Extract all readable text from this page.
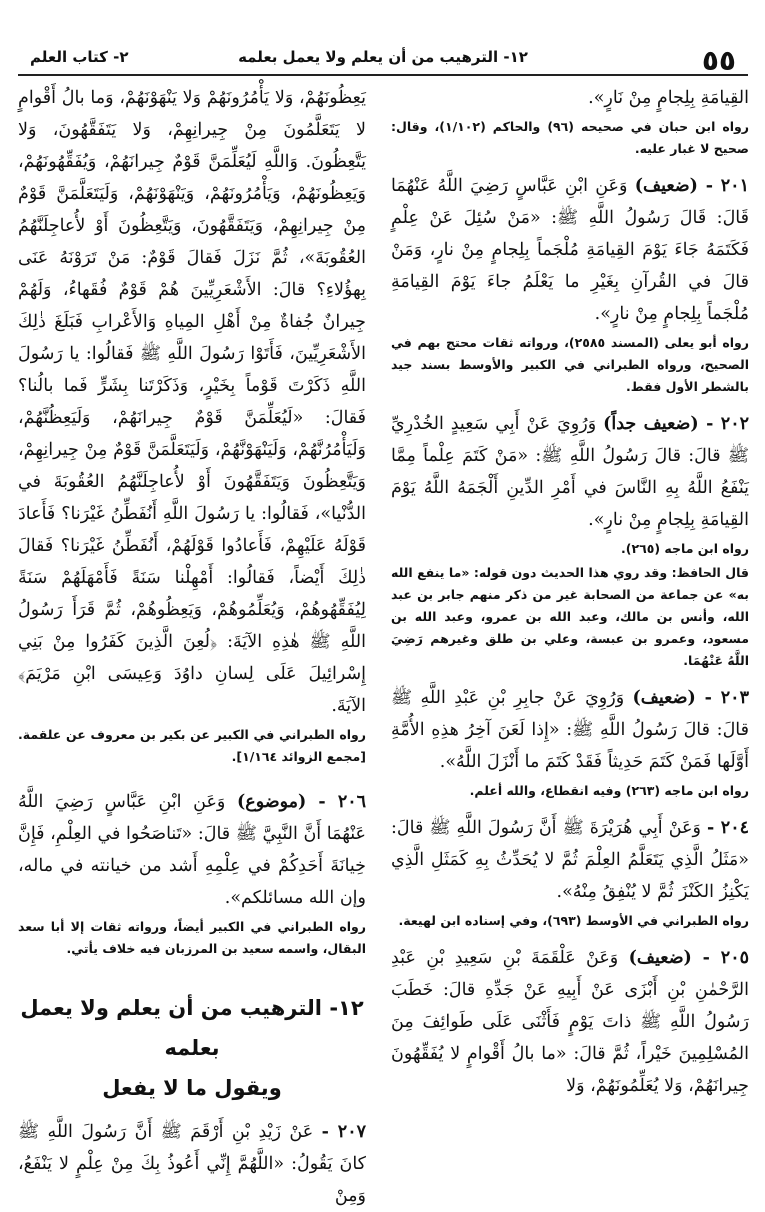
٥٥
١٢- الترهيب من أن يعلم ولا يعمل بعلمه
٢- كتاب العلم

القِيامَةِ بِلِجامٍ مِنْ نَارٍ».

رواه ابن حبان في صحيحه (٩٦) والحاكم (١/١٠٢)، وقال: صحيح لا غبار عليه.

٢٠١ - (ضعيف) وَعَنِ ابْنِ عَبَّاسٍ رَضِيَ اللَّهُ عَنْهُمَا قَالَ: قَالَ رَسُولُ اللَّهِ ﷺ: «مَنْ سُئِلَ عَنْ عِلْمٍ فَكَتَمَهُ جَاءَ يَوْمَ القِيامَةِ مُلْجَماً بِلِجامٍ مِنْ نارٍ، وَمَنْ قالَ في القُرآنِ بِغَيْرِ ما يَعْلَمُ جاءَ يَوْمَ القِيامَةِ مُلْجَماً بِلِجامٍ مِنْ نارٍ».

رواه أبو يعلى (المسند ٢٥٨٥)، ورواته ثقات محتج بهم في الصحيح، ورواه الطبراني في الكبير والأوسط بسند جيد بالشطر الأول فقط.

٢٠٢ - (ضعيف جداً) وَرُوِيَ عَنْ أَبِي سَعِيدٍ الخُدْرِيِّ ﷺ قالَ: قالَ رَسُولُ اللَّهِ ﷺ: «مَنْ كَتَمَ عِلْماً مِمَّا يَنْفَعُ اللَّهُ بِهِ النَّاسَ في أَمْرِ الدِّينِ أَلْجَمَهُ اللَّهُ يَوْمَ القِيامَةِ بِلِجامٍ مِنْ نارٍ».

رواه ابن ماجه (٢٦٥).

قال الحافظ: وقد روي هذا الحديث دون قوله: «ما ينفع الله به» عن جماعة من الصحابة غير من ذكر منهم جابر بن عبد الله، وأنس بن مالك، وعبد الله بن عمرو، وعبد الله بن مسعود، وعمرو بن عبسة، وعلي بن طلق وغيرهم رَضِيَ اللَّهُ عَنْهُمَا.

٢٠٣ - (ضعيف) وَرُوِيَ عَنْ جابِرِ بْنِ عَبْدِ اللَّهِ ﷺ قالَ: قالَ رَسُولُ اللَّهِ ﷺ: «إِذا لَعَنَ آخِرُ هذِهِ الأُمَّةِ أَوَّلَها فَمَنْ كَتَمَ حَدِيثاً فَقَدْ كَتَمَ ما أَنْزَلَ اللَّهُ».

رواه ابن ماجه (٢٦٣) وفيه انقطاع، والله أعلم.

٢٠٤ - وَعَنْ أَبِي هُرَيْرَةَ ﷺ أَنَّ رَسُولَ اللَّهِ ﷺ قالَ: «مَثَلُ الَّذِي يَتَعَلَّمُ العِلْمَ ثُمَّ لا يُحَدِّثُ بِهِ كَمَثَلِ الَّذِي يَكْنِزُ الكَنْزَ ثُمَّ لا يُنْفِقُ مِنْهُ».

رواه الطبراني في الأوسط (٦٩٣)، وفي إسناده ابن لهيعة.

٢٠٥ - (ضعيف) وَعَنْ عَلْقَمَةَ بْنِ سَعِيدِ بْنِ عَبْدِ الرَّحْمٰنِ بْنِ أَبْزَى عَنْ أَبِيهِ عَنْ جَدِّهِ قالَ: خَطَبَ رَسُولُ اللَّهِ ﷺ ذاتَ يَوْمٍ فَأَثْنَى عَلَى طَوائِفَ مِنَ المُسْلِمِينَ خَيْراً، ثُمَّ قالَ: «ما بالُ أَقْوامٍ لا يُفَقِّهُونَ جِيرانَهُمْ، وَلا يُعَلِّمُونَهُمْ، وَلا

يَعِظُونَهُمْ، وَلا يَأْمُرُونَهُمْ وَلا يَنْهَوْنَهُمْ، وَما بالُ أَقْوامٍ لا يَتَعَلَّمُونَ مِنْ جِيرانِهِمْ، وَلا يَتَفَقَّهُونَ، وَلا يَتَّعِظُونَ. وَاللَّهِ لَيُعَلِّمَنَّ قَوْمٌ جِيرانَهُمْ، وَيُفَقِّهُونَهُمْ، وَيَعِظُونَهُمْ، وَيَأْمُرُونَهُمْ، وَيَنْهَوْنَهُمْ، وَلَيَتَعَلَّمَنَّ قَوْمٌ مِنْ جِيرانِهِمْ، وَيَتَفَقَّهُونَ، وَيَتَّعِظُونَ أَوْ لأُعاجِلَنَّهُمُ العُقُوبَةَ»، ثُمَّ نَزَلَ فَقالَ قَوْمٌ: مَنْ تَرَوْنَهُ عَنَى بِهؤُلاءِ؟ قالَ: الأَشْعَرِيِّينَ هُمْ قَوْمٌ فُقَهاءُ، وَلَهُمْ جِيرانٌ جُفاةٌ مِنْ أَهْلِ المِياهِ وَالأَعْرابِ فَبَلَغَ ذٰلِكَ الأَشْعَرِيِّينَ، فَأَتَوْا رَسُولَ اللَّهِ ﷺ فَقالُوا: يا رَسُولَ اللَّهِ ذَكَرْتَ قَوْماً بِخَيْرٍ، وَذَكَرْتَنا بِشَرٍّ فَما بالُنا؟ فَقالَ: «لَيُعَلِّمَنَّ قَوْمٌ جِيرانَهُمْ، وَلَيَعِظُنَّهُمْ، وَلَيَأْمُرُنَّهُمْ، وَلَيَنْهَوْنَّهُمْ، وَلَيَتَعَلَّمَنَّ قَوْمٌ مِنْ جِيرانِهِمْ، وَيَتَّعِظُونَ وَيَتَفَقَّهُونَ أَوْ لأُعاجِلَنَّهُمُ العُقُوبَةَ في الدُّنْيا»، فَقالُوا: يا رَسُولَ اللَّهِ أَنُفَطِّنُ غَيْرَنا؟ فَأَعادَ قَوْلَهُ عَلَيْهِمْ، فَأَعادُوا قَوْلَهُمْ، أَنُفَطِّنُ غَيْرَنا؟ فَقالَ ذٰلِكَ أَيْضاً، فَقالُوا: أَمْهِلْنا سَنَةً فَأَمْهَلَهُمْ سَنَةً لِيُفَقِّهُوهُمْ، وَيُعَلِّمُوهُمْ، وَيَعِظُوهُمْ، ثُمَّ قَرَأَ رَسُولُ اللَّهِ ﷺ هٰذِهِ الآيَةَ: ﴿لُعِنَ الَّذِينَ كَفَرُوا مِنْ بَنِي إِسْرائِيلَ عَلَى لِسانِ داوُدَ وَعِيسَى ابْنِ مَرْيَمَ﴾ الآيَةَ.

رواه الطبراني في الكبير عن بكير بن معروف عن علقمة. [مجمع الزوائد ١/١٦٤].

٢٠٦ - (موضوع) وَعَنِ ابْنِ عَبَّاسٍ رَضِيَ اللَّهُ عَنْهُمَا أَنَّ النَّبِيَّ ﷺ قالَ: «تَناصَحُوا في العِلْمِ، فَإِنَّ خِيانَةَ أَحَدِكُمْ في عِلْمِهِ أَشد من خيانته في ماله، وإن الله مسائلكم».

رواه الطبراني في الكبير أيضاً، ورواته ثقات إلا أبا سعد البقال، واسمه سعيد بن المرزبان فيه خلاف يأتي.

١٢- الترهيب من أن يعلم ولا يعمل بعلمه
ويقول ما لا يفعل

٢٠٧ - عَنْ زَيْدِ بْنِ أَرْقَمَ ﷺ أَنَّ رَسُولَ اللَّهِ ﷺ كانَ يَقُولُ: «اللَّهُمَّ إِنِّي أَعُوذُ بِكَ مِنْ عِلْمٍ لا يَنْفَعُ، وَمِنْ
